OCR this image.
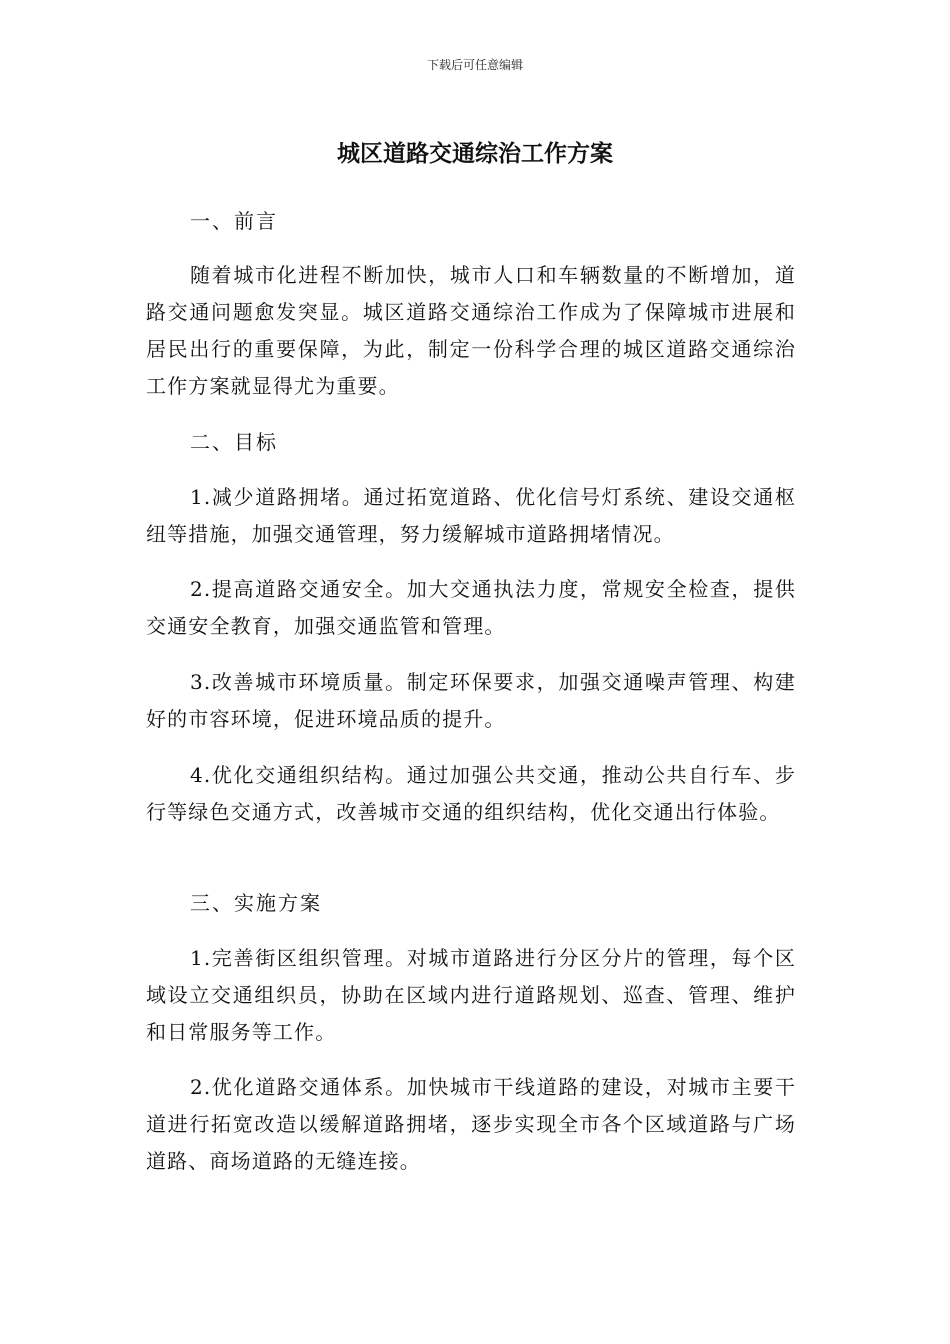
下载后可任意编辑
城区道路交通综治工作方案

一、前言

随着城市化进程不断加快，城市人口和车辆数量的不断增加，道路交通问题愈发突显。城区道路交通综治工作成为了保障城市进展和居民出行的重要保障，为此，制定一份科学合理的城区道路交通综治工作方案就显得尤为重要。

二、目标

1.减少道路拥堵。通过拓宽道路、优化信号灯系统、建设交通枢纽等措施，加强交通管理，努力缓解城市道路拥堵情况。

2.提高道路交通安全。加大交通执法力度，常规安全检查，提供交通安全教育，加强交通监管和管理。

3.改善城市环境质量。制定环保要求，加强交通噪声管理、构建好的市容环境，促进环境品质的提升。

4.优化交通组织结构。通过加强公共交通，推动公共自行车、步行等绿色交通方式，改善城市交通的组织结构，优化交通出行体验。

三、实施方案

1.完善街区组织管理。对城市道路进行分区分片的管理，每个区域设立交通组织员，协助在区域内进行道路规划、巡查、管理、维护和日常服务等工作。

2.优化道路交通体系。加快城市干线道路的建设，对城市主要干道进行拓宽改造以缓解道路拥堵，逐步实现全市各个区域道路与广场道路、商场道路的无缝连接。
